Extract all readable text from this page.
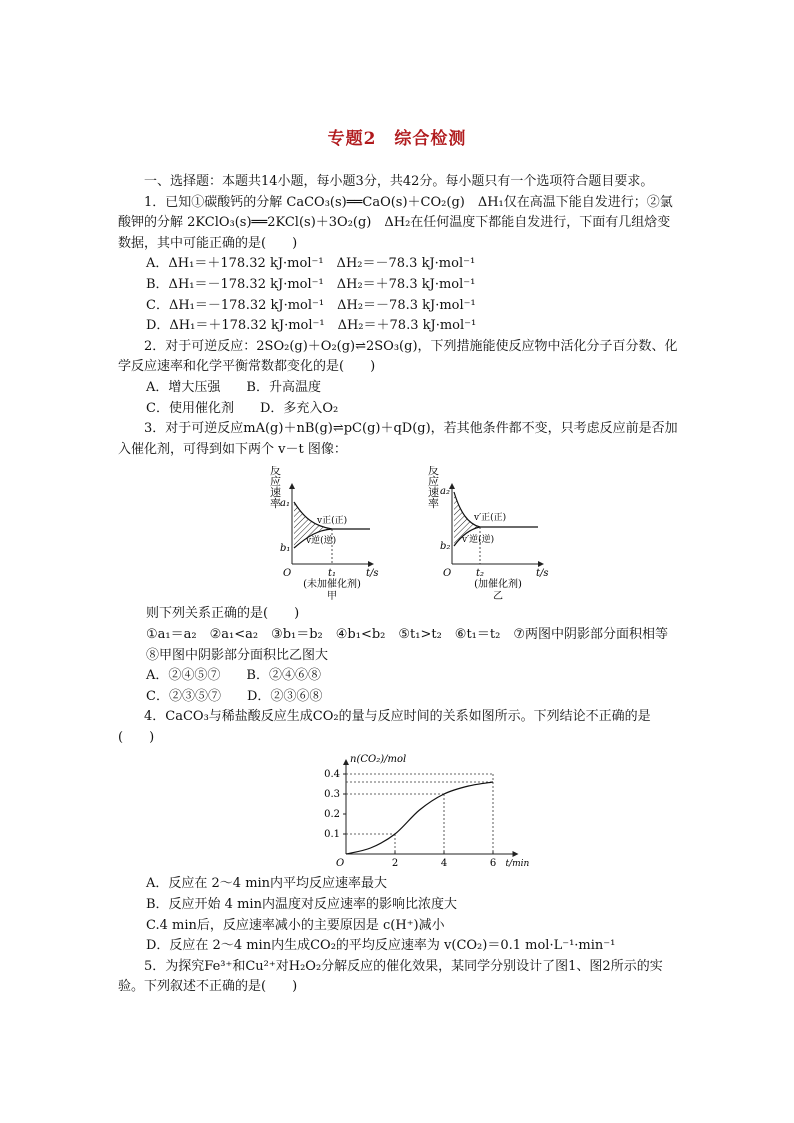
专题2　综合检测

一、选择题：本题共14小题，每小题3分，共42分。每小题只有一个选项符合题目要求。

1．已知①碳酸钙的分解 CaCO₃(s)══CaO(s)＋CO₂(g)　ΔH₁仅在高温下能自发进行；②氯酸钾的分解 2KClO₃(s)══2KCl(s)＋3O₂(g)　ΔH₂在任何温度下都能自发进行，下面有几组焓变数据，其中可能正确的是(　　)

A．ΔH₁＝＋178.32 kJ·mol⁻¹　ΔH₂＝－78.3 kJ·mol⁻¹

B．ΔH₁＝－178.32 kJ·mol⁻¹　ΔH₂＝＋78.3 kJ·mol⁻¹

C．ΔH₁＝－178.32 kJ·mol⁻¹　ΔH₂＝－78.3 kJ·mol⁻¹

D．ΔH₁＝＋178.32 kJ·mol⁻¹　ΔH₂＝＋78.3 kJ·mol⁻¹

2．对于可逆反应：2SO₂(g)＋O₂(g)⇌2SO₃(g)，下列措施能使反应物中活化分子百分数、化学反应速率和化学平衡常数都变化的是(　　)

A．增大压强　　B．升高温度

C．使用催化剂　　D．多充入O₂

3．对于可逆反应mA(g)＋nB(g)⇌pC(g)＋qD(g)，若其他条件都不变，只考虑反应前是否加入催化剂，可得到如下两个 v－t 图像：

反
应
速
率 a₁
b₁
v正(正)
v逆(逆)
O	t₁	t/s
(未加催化剂)
甲
反
应
速
率
a₂
b₂
v′正(正)
v′逆(逆)
O t₂	t/s
(加催化剂)
乙

则下列关系正确的是(　　)

①a₁＝a₂　②a₁<a₂　③b₁＝b₂　④b₁<b₂　⑤t₁>t₂　⑥t₁＝t₂　⑦两图中阴影部分面积相等

⑧甲图中阴影部分面积比乙图大

A．②④⑤⑦　　B．②④⑥⑧

C．②③⑤⑦　　D．②③⑥⑧

4．CaCO₃与稀盐酸反应生成CO₂的量与反应时间的关系如图所示。下列结论不正确的是(　　)

n(CO₂)/mol
t/min
O
0.1
0.2
0.3
0.4
2	4	6

A．反应在 2～4 min内平均反应速率最大

B．反应开始 4 min内温度对反应速率的影响比浓度大

C.4 min后，反应速率减小的主要原因是 c(H⁺)减小

D．反应在 2～4 min内生成CO₂的平均反应速率为 v(CO₂)＝0.1 mol·L⁻¹·min⁻¹

5．为探究Fe³⁺和Cu²⁺对H₂O₂分解反应的催化效果，某同学分别设计了图1、图2所示的实验。下列叙述不正确的是(　　)
